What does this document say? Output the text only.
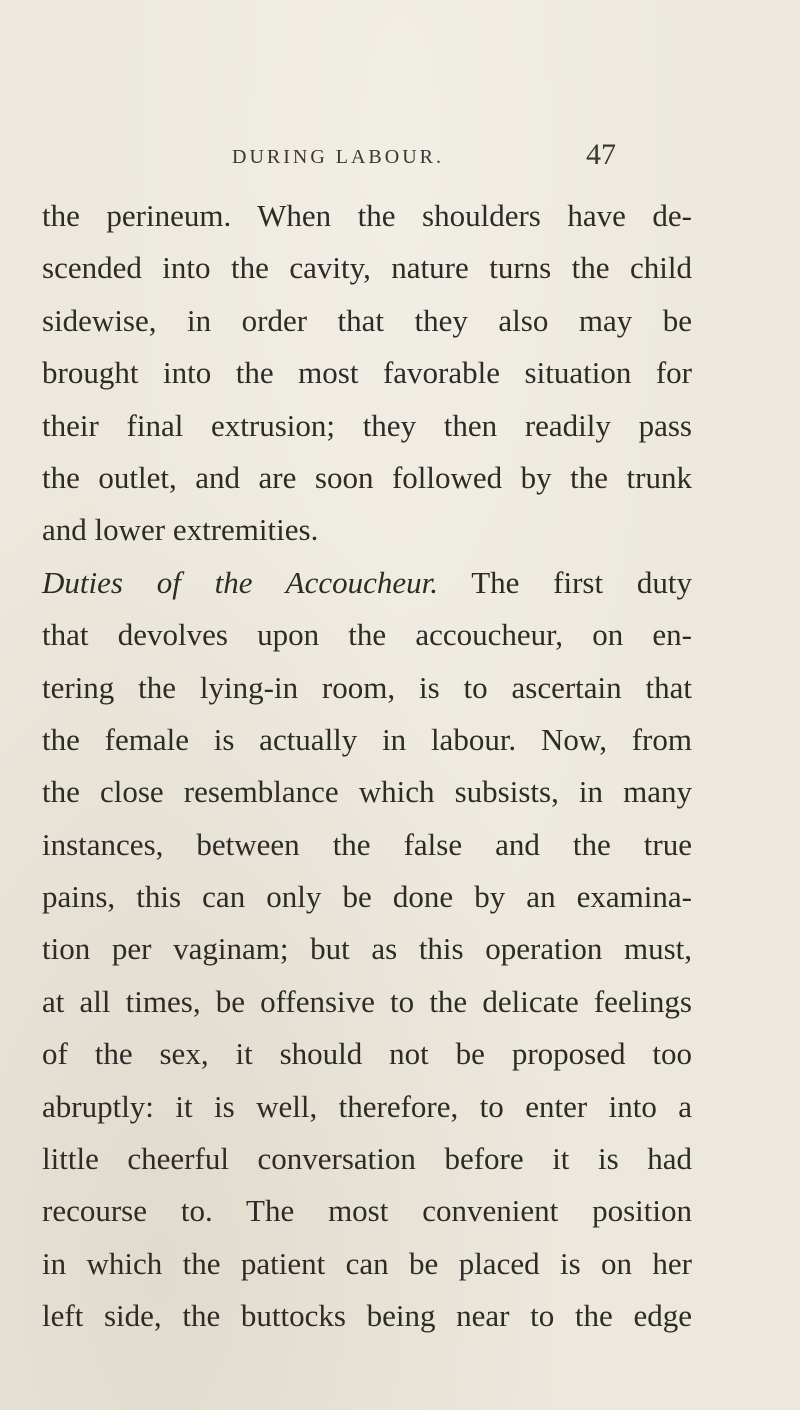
DURING LABOUR.	47
the perineum. When the shoulders have de-
scended into the cavity, nature turns the child
sidewise, in order that they also may be
brought into the most favorable situation for
their final extrusion; they then readily pass
the outlet, and are soon followed by the trunk
and lower extremities.
Duties of the Accoucheur. The first duty
that devolves upon the accoucheur, on en-
tering the lying-in room, is to ascertain that
the female is actually in labour. Now, from
the close resemblance which subsists, in many
instances, between the false and the true
pains, this can only be done by an examina-
tion per vaginam; but as this operation must,
at all times, be offensive to the delicate feelings
of the sex, it should not be proposed too
abruptly: it is well, therefore, to enter into a
little cheerful conversation before it is had
recourse to. The most convenient position
in which the patient can be placed is on her
left side, the buttocks being near to the edge
